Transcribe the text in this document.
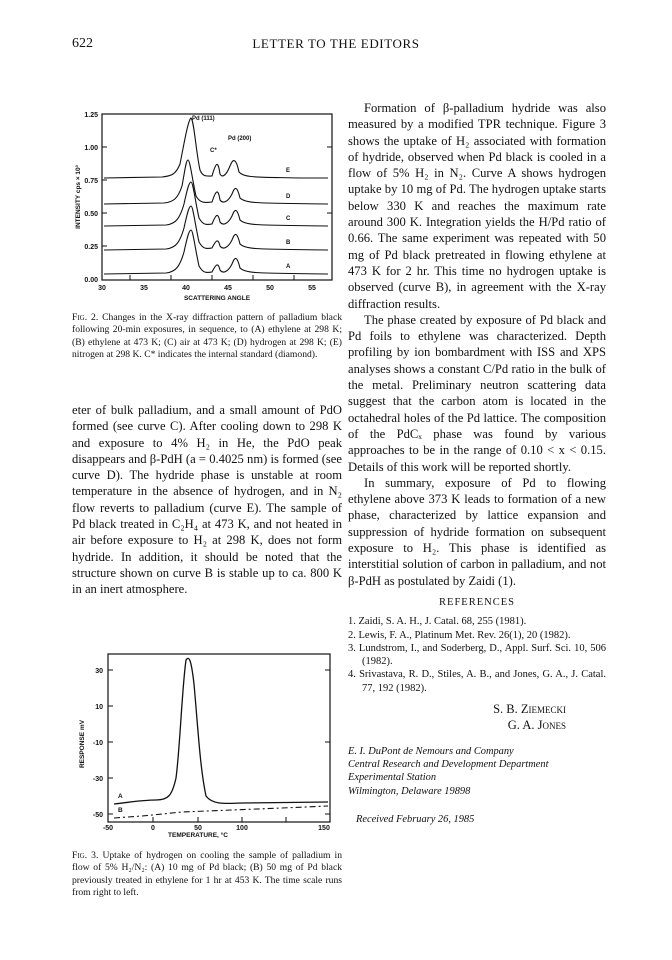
622	LETTER TO THE EDITORS
1.25
1.00
0.75
0.50
0.25
0.00
30	35	40	45	50	55
SCATTERING ANGLE
INTENSITY cps × 10³
Pd (111)
Pd (200)
C*
E
D
C
B
A

Fig. 2. Changes in the X-ray diffraction pattern of palladium black following 20-min exposures, in sequence, to (A) ethylene at 298 K; (B) ethylene at 473 K; (C) air at 473 K; (D) hydrogen at 298 K; (E) nitrogen at 298 K. C* indicates the internal standard (diamond).

eter of bulk palladium, and a small amount of PdO formed (see curve C). After cooling down to 298 K and exposure to 4% H₂ in He, the PdO peak disappears and β-PdH (a = 0.4025 nm) is formed (see curve D). The hydride phase is unstable at room temperature in the absence of hydrogen, and in N₂ flow reverts to palladium (curve E). The sample of Pd black treated in C₂H₄ at 473 K, and not heated in air before exposure to H₂ at 298 K, does not form hydride. In addition, it should be noted that the structure shown on curve B is stable up to ca. 800 K in an inert atmosphere.

30
10
-10
-30
-50
-50	0	50	100	150
TEMPERATURE, °C
RESPONSE mV
A
B

Fig. 3. Uptake of hydrogen on cooling the sample of palladium in flow of 5% H₂/N₂: (A) 10 mg of Pd black; (B) 50 mg of Pd black previously treated in ethylene for 1 hr at 453 K. The time scale runs from right to left.

Formation of β-palladium hydride was also measured by a modified TPR technique. Figure 3 shows the uptake of H₂ associated with formation of hydride, observed when Pd black is cooled in a flow of 5% H₂ in N₂. Curve A shows hydrogen uptake by 10 mg of Pd. The hydrogen uptake starts below 330 K and reaches the maximum rate around 300 K. Integration yields the H/Pd ratio of 0.66. The same experiment was repeated with 50 mg of Pd black pretreated in flowing ethylene at 473 K for 2 hr. This time no hydrogen uptake is observed (curve B), in agreement with the X-ray diffraction results.

The phase created by exposure of Pd black and Pd foils to ethylene was characterized. Depth profiling by ion bombardment with ISS and XPS analyses shows a constant C/Pd ratio in the bulk of the metal. Preliminary neutron scattering data suggest that the carbon atom is located in the octahedral holes of the Pd lattice. The composition of the PdCₓ phase was found by various approaches to be in the range of 0.10 < x < 0.15. Details of this work will be reported shortly.

In summary, exposure of Pd to flowing ethylene above 373 K leads to formation of a new phase, characterized by lattice expansion and suppression of hydride formation on subsequent exposure to H₂. This phase is identified as interstitial solution of carbon in palladium, and not β-PdH as postulated by Zaidi (1).

REFERENCES

1. Zaidi, S. A. H., J. Catal. 68, 255 (1981).

2. Lewis, F. A., Platinum Met. Rev. 26(1), 20 (1982).

3. Lundstrom, I., and Soderberg, D., Appl. Surf. Sci. 10, 506 (1982).

4. Srivastava, R. D., Stiles, A. B., and Jones, G. A., J. Catal. 77, 192 (1982).

S. B. Ziemecki
G. A. Jones
E. I. DuPont de Nemours and Company
Central Research and Development Department
Experimental Station
Wilmington, Delaware 19898
Received February 26, 1985
